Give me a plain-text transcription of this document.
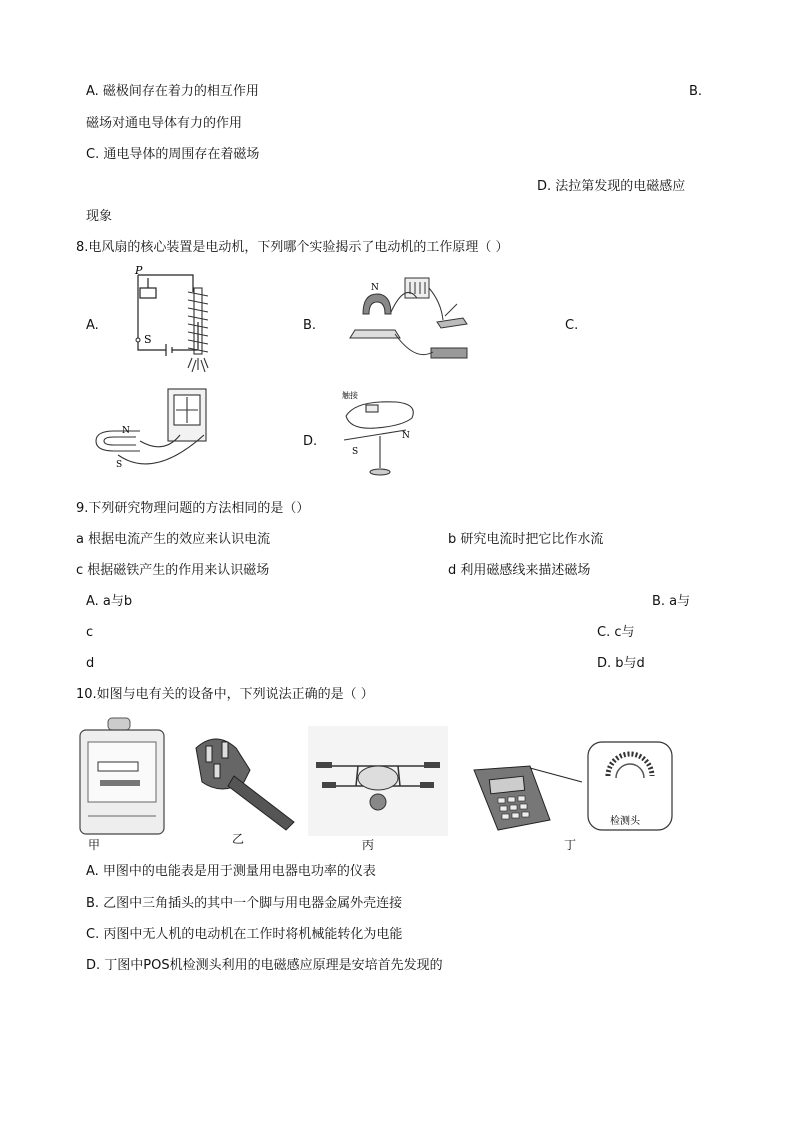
A. 磁极间存在着力的相互作用	B.
磁场对通电导体有力的作用
C. 通电导体的周围存在着磁场
D. 法拉第发现的电磁感应
现象
8.电风扇的核心装置是电动机，下列哪个实验揭示了电动机的工作原理（ ）
A.	B.	C.
D.
P
S
N
N
S
触接
S
N
9.下列研究物理问题的方法相同的是（）
a 根据电流产生的效应来认识电流	b 研究电流时把它比作水流
c 根据磁铁产生的作用来认识磁场	d 利用磁感线来描述磁场
A. a与b	B. a与
c	C. c与
d	D. b与d
10.如图与电有关的设备中，下列说法正确的是（ ）
甲	乙	丙
检测头
丁
A. 甲图中的电能表是用于测量用电器电功率的仪表
B. 乙图中三角插头的其中一个脚与用电器金属外壳连接
C. 丙图中无人机的电动机在工作时将机械能转化为电能
D. 丁图中POS机检测头利用的电磁感应原理是安培首先发现的
